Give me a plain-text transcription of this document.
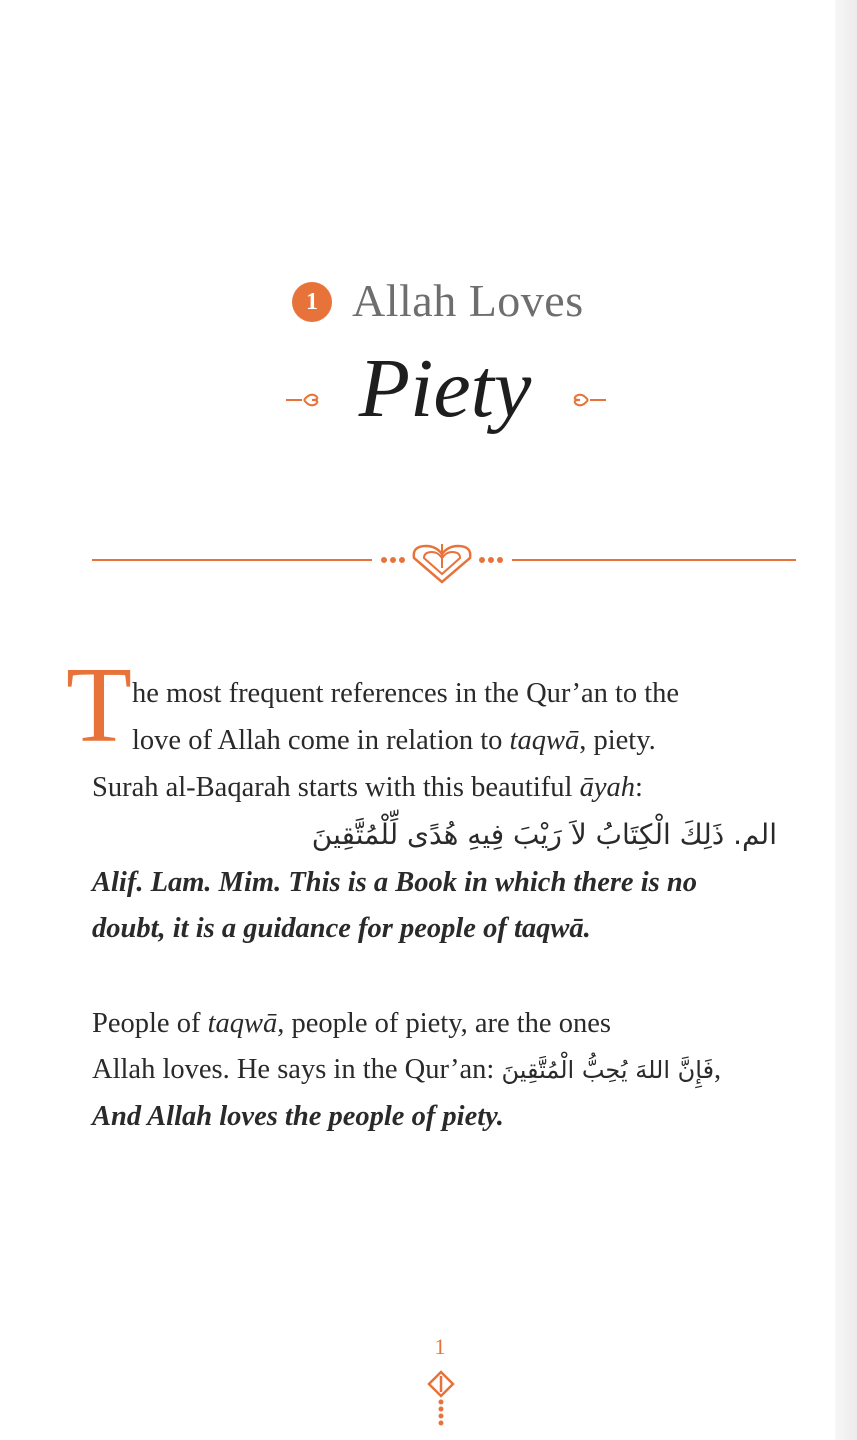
1 Allah Loves
Piety
T he most frequent references in the Qur’an to the
love of Allah come in relation to taqwā, piety.
Surah al-Baqarah starts with this beautiful āyah:
الم. ذَلِكَ الْكِتَابُ لاَ رَيْبَ فِيهِ هُدًى لِّلْمُتَّقِينَ
Alif. Lam. Mim. This is a Book in which there is no
doubt, it is a guidance for people of taqwā.
People of taqwā, people of piety, are the ones
Allah loves. He says in the Qur’an: فَإِنَّ اللهَ يُحِبُّ الْمُتَّقِينَ,
And Allah loves the people of piety.
1
